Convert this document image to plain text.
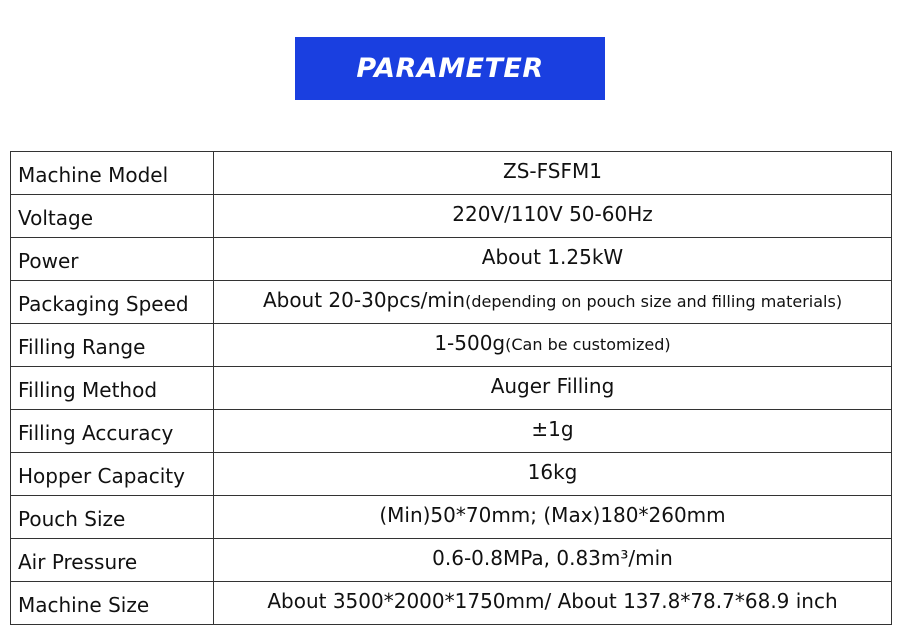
PARAMETER
Machine Model	ZS-FSFM1
Voltage	220V/110V 50-60Hz
Power	About 1.25kW
Packaging Speed	About 20-30pcs/min(depending on pouch size and filling materials)
Filling Range	1-500g(Can be customized)
Filling Method	Auger Filling
Filling Accuracy	±1g
Hopper Capacity	16kg
Pouch Size	(Min)50*70mm; (Max)180*260mm
Air Pressure	0.6-0.8MPa, 0.83m³/min
Machine Size	About 3500*2000*1750mm/ About 137.8*78.7*68.9 inch
